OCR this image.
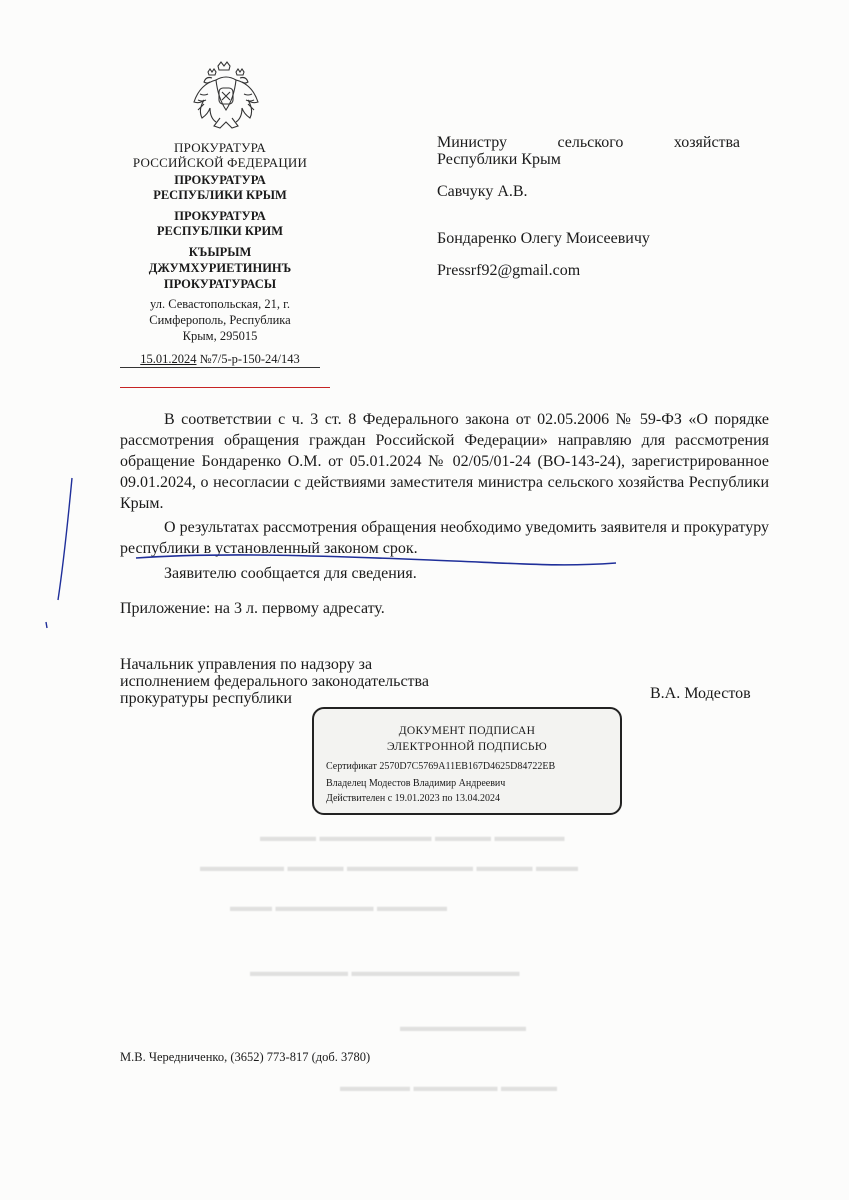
ПРОКУРАТУРА
РОССИЙСКОЙ ФЕДЕРАЦИИ
ПРОКУРАТУРА
РЕСПУБЛИКИ КРЫМ
ПРОКУРАТУРА
РЕСПУБЛІКИ КРИМ
КЪЫРЫМ
ДЖУМХУРИЕТИНИНЪ
ПРОКУРАТУРАСЫ
ул. Севастопольская, 21, г.
Симферополь, Республика
Крым, 295015
15.01.2024 №7/5-р-150-24/143
Министру сельского хозяйства
Республики Крым
Савчуку А.В.
Бондаренко Олегу Моисеевичу
Pressrf92@gmail.com
В соответствии с ч. 3 ст. 8 Федерального закона от 02.05.2006 № 59-ФЗ «О порядке рассмотрения обращения граждан Российской Федерации» направляю для рассмотрения обращение Бондаренко О.М. от 05.01.2024 № 02/05/01-24 (ВО-143-24), зарегистрированное 09.01.2024, о несогласии с действиями заместителя министра сельского хозяйства Республики Крым.
О результатах рассмотрения обращения необходимо уведомить заявителя и прокуратуру республики в установленный законом срок.
Заявителю сообщается для сведения.
Приложение: на 3 л. первому адресату.
Начальник управления по надзору за
исполнением федерального законодательства
прокуратуры республики	В.А. Модестов
ДОКУМЕНТ ПОДПИСАН
ЭЛЕКТРОННОЙ ПОДПИСЬЮ
Сертификат 2570D7C5769A11EB167D4625D84722EB
Владелец Модестов Владимир Андреевич
Действителен с 19.01.2023 по 13.04.2024
▬▬▬▬ ▬▬▬▬▬▬▬▬ ▬▬▬▬ ▬▬▬▬▬
▬▬▬▬▬▬ ▬▬▬▬ ▬▬▬▬▬▬▬▬▬ ▬▬▬▬ ▬▬▬
▬▬▬ ▬▬▬▬▬▬▬ ▬▬▬▬▬
▬▬▬▬▬▬▬ ▬▬▬▬▬▬▬▬▬▬▬▬
▬▬▬▬▬▬▬▬▬
▬▬▬▬▬ ▬▬▬▬▬▬ ▬▬▬▬
М.В. Чередниченко, (3652) 773-817 (доб. 3780)
